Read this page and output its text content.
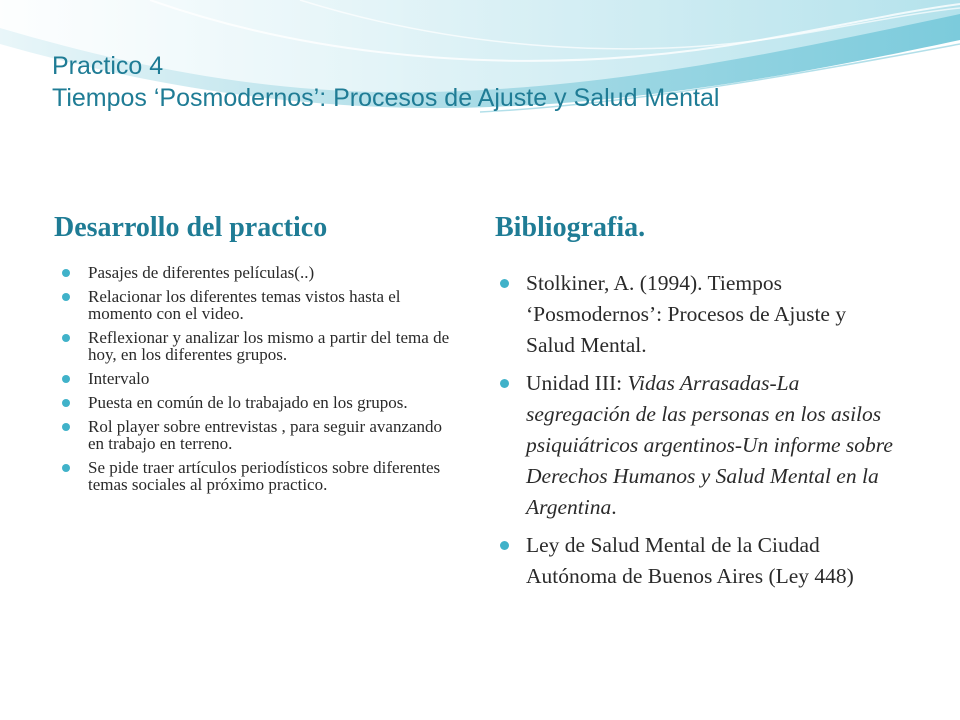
Practico 4
Tiempos ‘Posmodernos’: Procesos de Ajuste y Salud Mental
Desarrollo del practico	Bibliografia.
Pasajes de diferentes películas(..)
Relacionar los diferentes temas vistos hasta el momento con el video.
Reflexionar y analizar los mismo a partir del tema de hoy, en los diferentes grupos.
Intervalo
Puesta en común de lo trabajado en los grupos.
Rol player sobre entrevistas , para seguir avanzando en trabajo en terreno.
Se pide traer artículos periodísticos sobre diferentes temas sociales al próximo practico.
Stolkiner, A. (1994). Tiempos ‘Posmodernos’: Procesos de Ajuste y Salud Mental.
Unidad III: Vidas Arrasadas-La segregación de las personas en los asilos psiquiátricos argentinos-Un informe sobre Derechos Humanos y Salud Mental en la Argentina.
Ley de Salud Mental de la Ciudad Autónoma de Buenos Aires (Ley 448)
